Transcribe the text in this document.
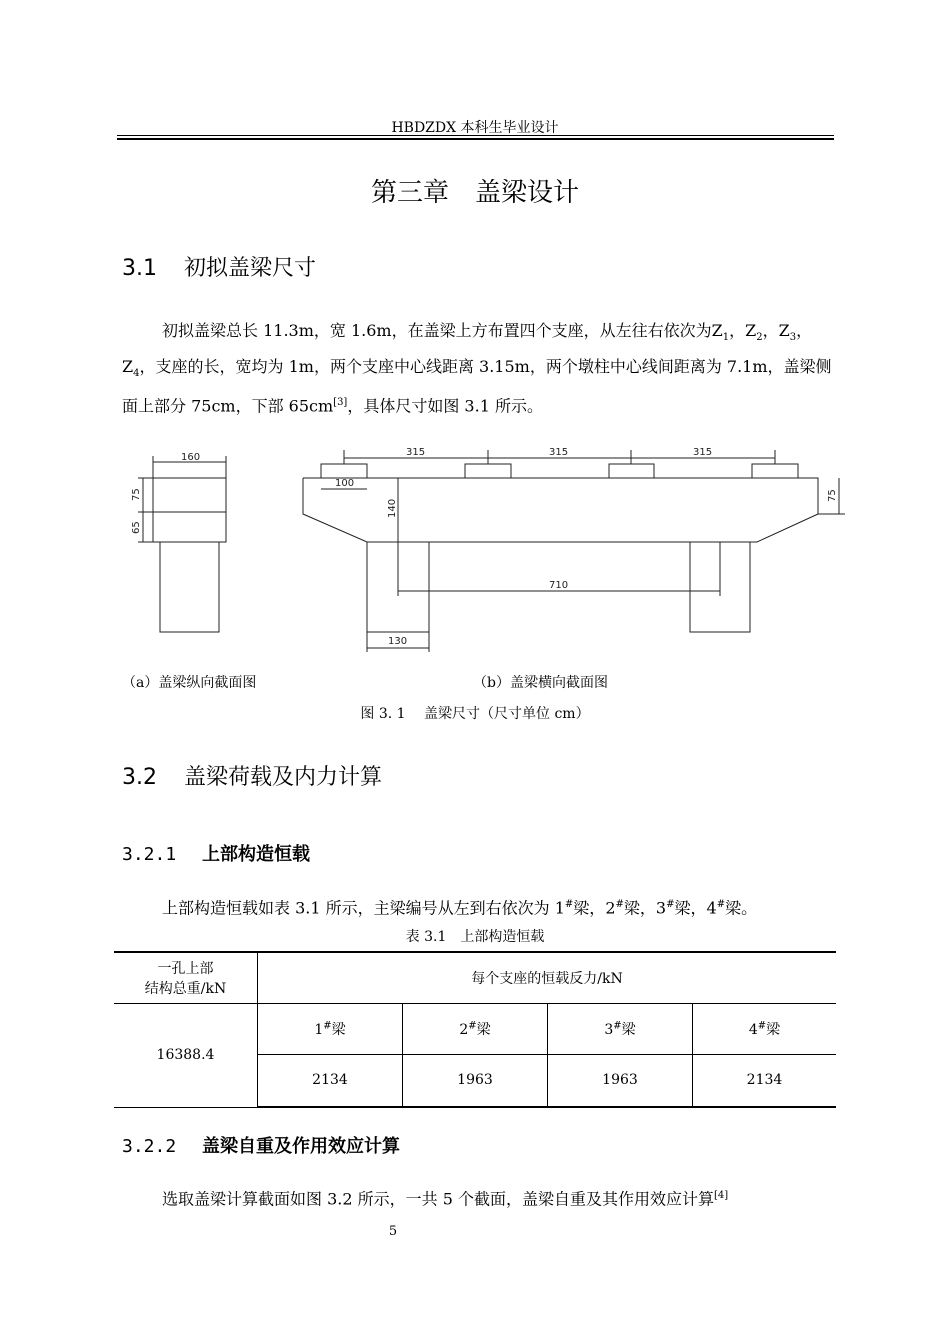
HBDZDX 本科生毕业设计
第三章　盖梁设计
3.1 初拟盖梁尺寸
初拟盖梁总长 11.3m，宽 1.6m，在盖梁上方布置四个支座，从左往右依次为$Z_1$，$Z_2$，$Z_3$，$Z_4$，支座的长，宽均为 1m，两个支座中心线距离 3.15m，两个墩柱中心线间距离为 7.1m，盖梁侧面上部分 75cm，下部 65cm[3]，具体尺寸如图 3.1 所示。
160
75
65
315	315	315
100
140
75
710
130
（a）盖梁纵向截面图	（b）盖梁横向截面图
图 3. 1　 盖梁尺寸（尺寸单位 cm）
3.2 盖梁荷载及内力计算
3.2.1 上部构造恒载
上部构造恒载如表 3.1 所示，主梁编号从左到右依次为 1#梁，2#梁，3#梁，4#梁。
表 3.1　上部构造恒载
一孔上部
结构总重/kN	每个支座的恒载反力/kN			
16388.4	1#梁	2#梁	3#梁	4#梁
	2134	1963	1963	2134
3.2.2 盖梁自重及作用效应计算
选取盖梁计算截面如图 3.2 所示，一共 5 个截面，盖梁自重及其作用效应计算[4]
5
